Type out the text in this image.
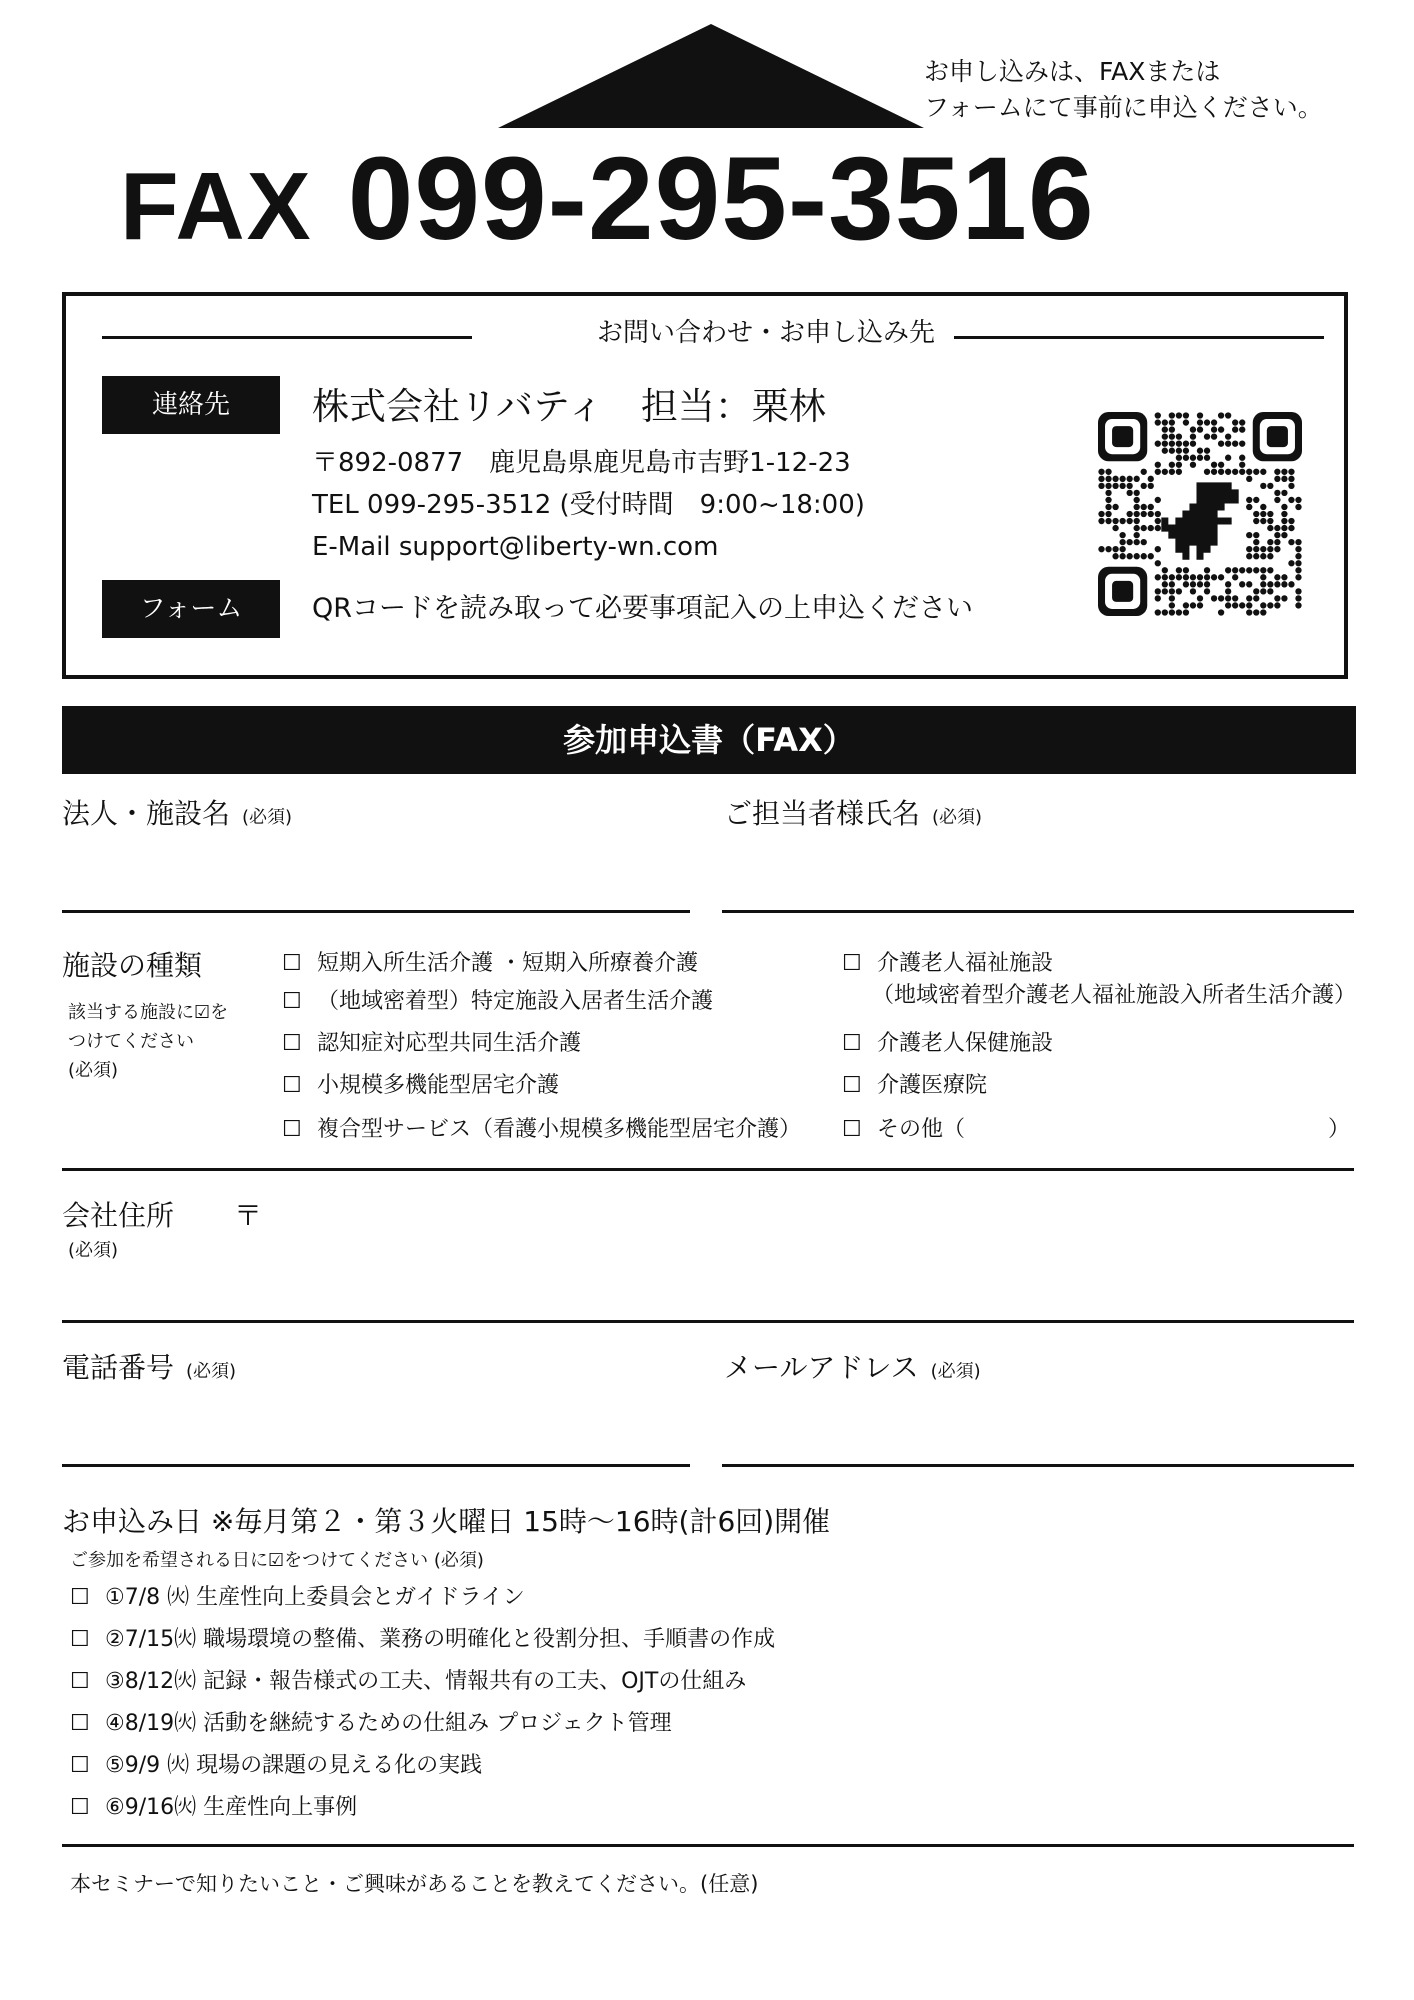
お申し込みは、FAXまたは
フォームにて事前に申込ください。
FAX 099-295-3516
お問い合わせ・お申し込み先
連絡先	株式会社リバティ　担当：栗林
〒892-0877　鹿児島県鹿児島市吉野1-12-23
TEL 099-295-3512 (受付時間　9:00~18:00)
E-Mail support@liberty-wn.com
フォーム	QRコードを読み取って必要事項記入の上申込ください
参加申込書（FAX）
法人・施設名 (必須)	ご担当者様氏名 (必須)
施設の種類
該当する施設に☑を
つけてください
(必須)
☐ 短期入所生活介護 ・短期入所療養介護
☐ （地域密着型）特定施設入居者生活介護
☐ 認知症対応型共同生活介護
☐ 小規模多機能型居宅介護
☐ 複合型サービス（看護小規模多機能型居宅介護）
☐ 介護老人福祉施設
（地域密着型介護老人福祉施設入所者生活介護）
☐ 介護老人保健施設
☐ 介護医療院
☐ その他（	）
会社住所 〒
(必須)
電話番号 (必須)	メールアドレス (必須)
お申込み日 ※毎月第２・第３火曜日 15時～16時(計6回)開催
ご参加を希望される日に☑をつけてください (必須)
☐ ①7/8 ㈫ 生産性向上委員会とガイドライン
☐ ②7/15㈫ 職場環境の整備、業務の明確化と役割分担、手順書の作成
☐ ③8/12㈫ 記録・報告様式の工夫、情報共有の工夫、OJTの仕組み
☐ ④8/19㈫ 活動を継続するための仕組み プロジェクト管理
☐ ⑤9/9 ㈫ 現場の課題の見える化の実践
☐ ⑥9/16㈫ 生産性向上事例
本セミナーで知りたいこと・ご興味があることを教えてください。(任意)
